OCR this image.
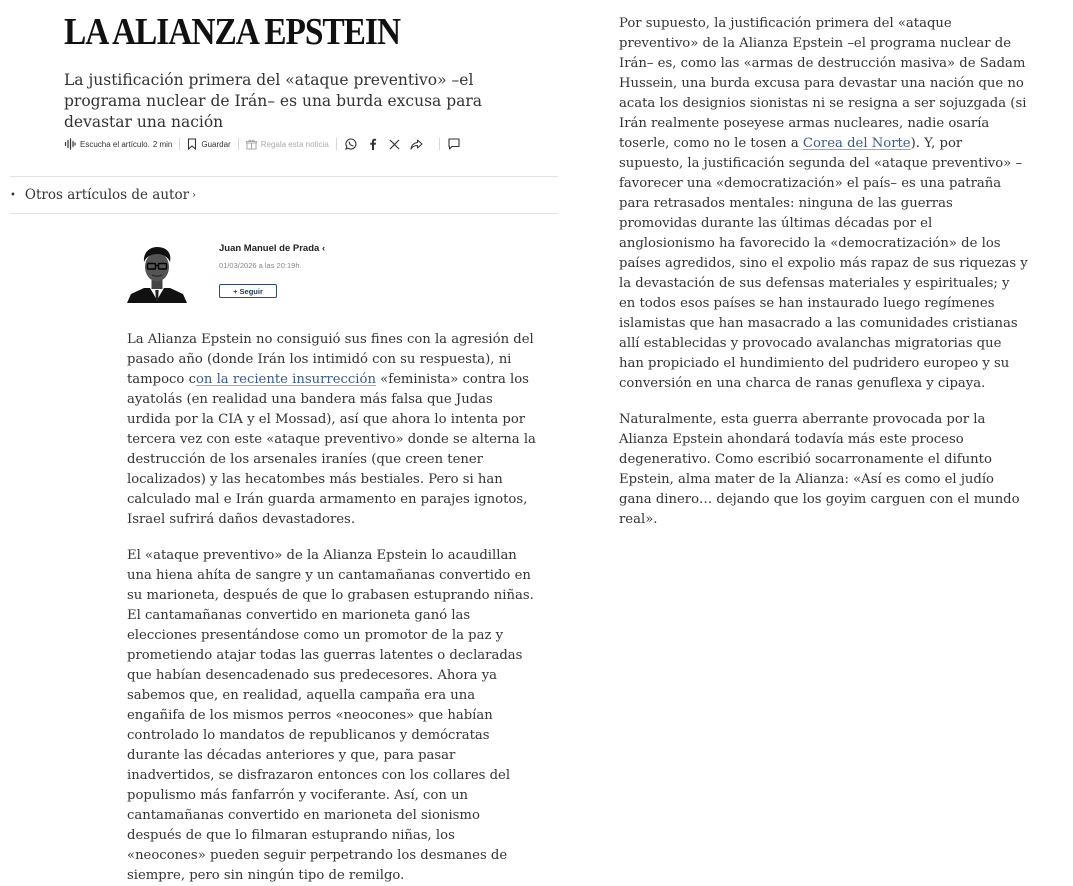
LA ALIANZA EPSTEIN

La justificación primera del «ataque preventivo» –el programa nuclear de Irán– es una burda excusa para devastar una nación

Escucha el artículo. 2 min	Guardar	Regala esta noticia
• Otros artículos de autor ›
Juan Manuel de Prada ‹
01/03/2026 a las 20:19h.
+ Seguir

La Alianza Epstein no consiguió sus fines con la agresión del pasado año (donde Irán los intimidó con su respuesta), ni tampoco con la reciente insurrección «feminista» contra los ayatolás (en realidad una bandera más falsa que Judas urdida por la CIA y el Mossad), así que ahora lo intenta por tercera vez con este «ataque preventivo» donde se alterna la destrucción de los arsenales iraníes (que creen tener localizados) y las hecatombes más bestiales. Pero si han calculado mal e Irán guarda armamento en parajes ignotos, Israel sufrirá daños devastadores.

El «ataque preventivo» de la Alianza Epstein lo acaudillan una hiena ahíta de sangre y un cantamañanas convertido en su marioneta, después de que lo grabasen estuprando niñas. El cantamañanas convertido en marioneta ganó las elecciones presentándose como un promotor de la paz y prometiendo atajar todas las guerras latentes o declaradas que habían desencadenado sus predecesores. Ahora ya sabemos que, en realidad, aquella campaña era una engañifa de los mismos perros «neocones» que habían controlado lo mandatos de republicanos y demócratas durante las décadas anteriores y que, para pasar inadvertidos, se disfrazaron entonces con los collares del populismo más fanfarrón y vociferante. Así, con un cantamañanas convertido en marioneta del sionismo después de que lo filmaran estuprando niñas, los «neocones» pueden seguir perpetrando los desmanes de siempre, pero sin ningún tipo de remilgo.

Por supuesto, la justificación primera del «ataque preventivo» de la Alianza Epstein –el programa nuclear de Irán– es, como las «armas de destrucción masiva» de Sadam Hussein, una burda excusa para devastar una nación que no acata los designios sionistas ni se resigna a ser sojuzgada (si Irán realmente poseyese armas nucleares, nadie osaría toserle, como no le tosen a Corea del Norte). Y, por supuesto, la justificación segunda del «ataque preventivo» –favorecer una «democratización» el país– es una patraña para retrasados mentales: ninguna de las guerras promovidas durante las últimas décadas por el anglosionismo ha favorecido la «democratización» de los países agredidos, sino el expolio más rapaz de sus riquezas y la devastación de sus defensas materiales y espirituales; y en todos esos países se han instaurado luego regímenes islamistas que han masacrado a las comunidades cristianas allí establecidas y provocado avalanchas migratorias que han propiciado el hundimiento del pudridero europeo y su conversión en una charca de ranas genuflexa y cipaya.

Naturalmente, esta guerra aberrante provocada por la Alianza Epstein ahondará todavía más este proceso degenerativo. Como escribió socarronamente el difunto Epstein, alma mater de la Alianza: «Así es como el judío gana dinero… dejando que los goyim carguen con el mundo real».
